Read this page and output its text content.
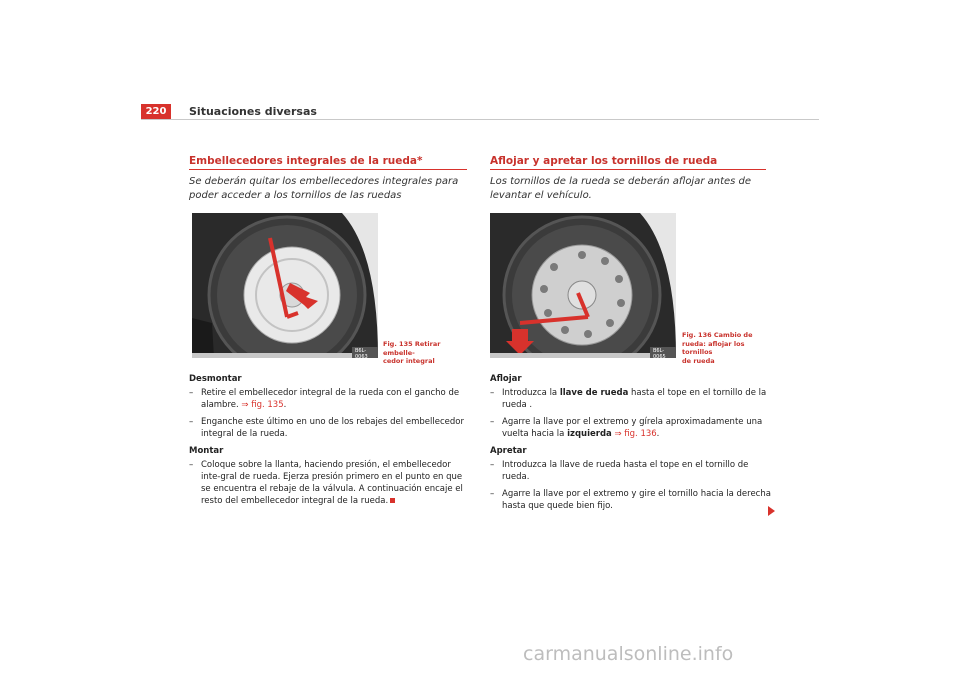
220	Situaciones diversas
Embellecedores integrales de la rueda*
Se deberán quitar los embellecedores integrales para poder acceder a los tornillos de las ruedas
B6L-0063
Fig. 135 Retirar embelle-
cedor integral

Desmontar

– Retire el embellecedor integral de la rueda con el gancho de
alambre. ⇒ fig. 135.
– Enganche este último en uno de los rebajes del embellecedor integral de la rueda.

Montar

– Coloque sobre la llanta, haciendo presión, el embellecedor inte-gral de rueda. Ejerza presión primero en el punto en que se encuentra el rebaje de la válvula. A continuación encaje el resto del embellecedor integral de la rueda.
Aflojar y apretar los tornillos de rueda
Los tornillos de la rueda se deberán aflojar antes de levantar el vehículo.
B6L-0065
Fig. 136 Cambio de
rueda: aflojar los tornillos
de rueda

Aflojar

– Introduzca la llave de rueda hasta el tope en el tornillo de la rueda .
– Agarre la llave por el extremo y gírela aproximadamente una vuelta hacia la izquierda ⇒ fig. 136.

Apretar

– Introduzca la llave de rueda hasta el tope en el tornillo de rueda.
– Agarre la llave por el extremo y gire el tornillo hacia la derecha hasta que quede bien fijo.
carmanualsonline.info
